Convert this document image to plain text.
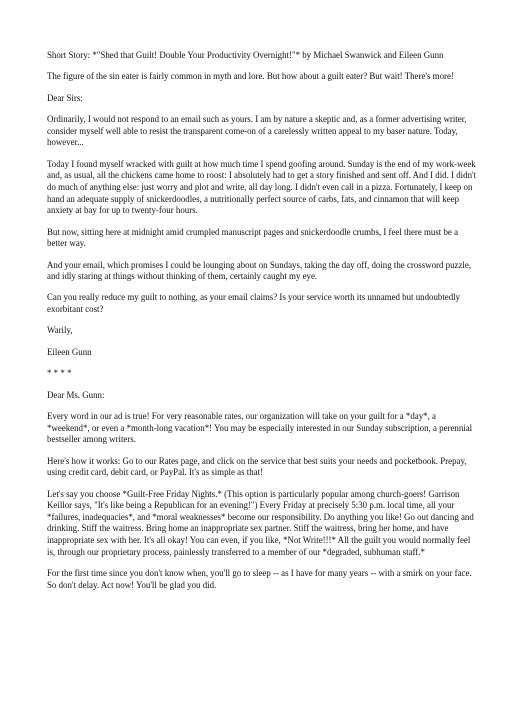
Short Story: *"Shed that Guilt! Double Your Productivity Overnight!"* by Michael Swanwick and Eileen Gunn

The figure of the sin eater is fairly common in myth and lore. But how about a guilt eater? But wait! There's more!

Dear Sirs:

Ordinarily, I would not respond to an email such as yours. I am by nature a skeptic and, as a former advertising writer, consider myself well able to resist the transparent come-on of a carelessly written appeal to my baser nature. Today, however...

Today I found myself wracked with guilt at how much time I spend goofing around. Sunday is the end of my work-week and, as usual, all the chickens came home to roost: I absolutely had to get a story finished and sent off. And I did. I didn't do much of anything else: just worry and plot and write, all day long. I didn't even call in a pizza. Fortunately, I keep on hand an adequate supply of snickerdoodles, a nutritionally perfect source of carbs, fats, and cinnamon that will keep anxiety at bay for up to twenty-four hours.

But now, sitting here at midnight amid crumpled manuscript pages and snickerdoodle crumbs, I feel there must be a better way.

And your email, which promises I could be lounging about on Sundays, taking the day off, doing the crossword puzzle, and idly staring at things without thinking of them, certainly caught my eye.

Can you really reduce my guilt to nothing, as your email claims? Is your service worth its unnamed but undoubtedly exorbitant cost?

Warily,

Eileen Gunn

* * * *

Dear Ms. Gunn:

Every word in our ad is true! For very reasonable rates, our organization will take on your guilt for a *day*, a *weekend*, or even a *month-long vacation*! You may be especially interested in our Sunday subscription, a perennial bestseller among writers.

Here's how it works: Go to our Rates page, and click on the service that best suits your needs and pocketbook. Prepay, using credit card, debit card, or PayPal. It's as simple as that!

Let's say you choose *Guilt-Free Friday Nights.* (This option is particularly popular among church-goers! Garrison Keillor says, "It's like being a Republican for an evening!") Every Friday at precisely 5:30 p.m. local time, all your *failures, inadequacies*, and *moral weaknesses* become our responsibility. Do anything you like! Go out dancing and drinking. Stiff the waitress. Bring home an inappropriate sex partner. Stiff the waitress, bring her home, and have inappropriate sex with her. It's all okay! You can even, if you like, *Not Write!!!* All the guilt you would normally feel is, through our proprietary process, painlessly transferred to a member of our *degraded, subhuman staff.*

For the first time since you don't know when, you'll go to sleep -- as I have for many years -- with a smirk on your face. So don't delay. Act now! You'll be glad you did.
